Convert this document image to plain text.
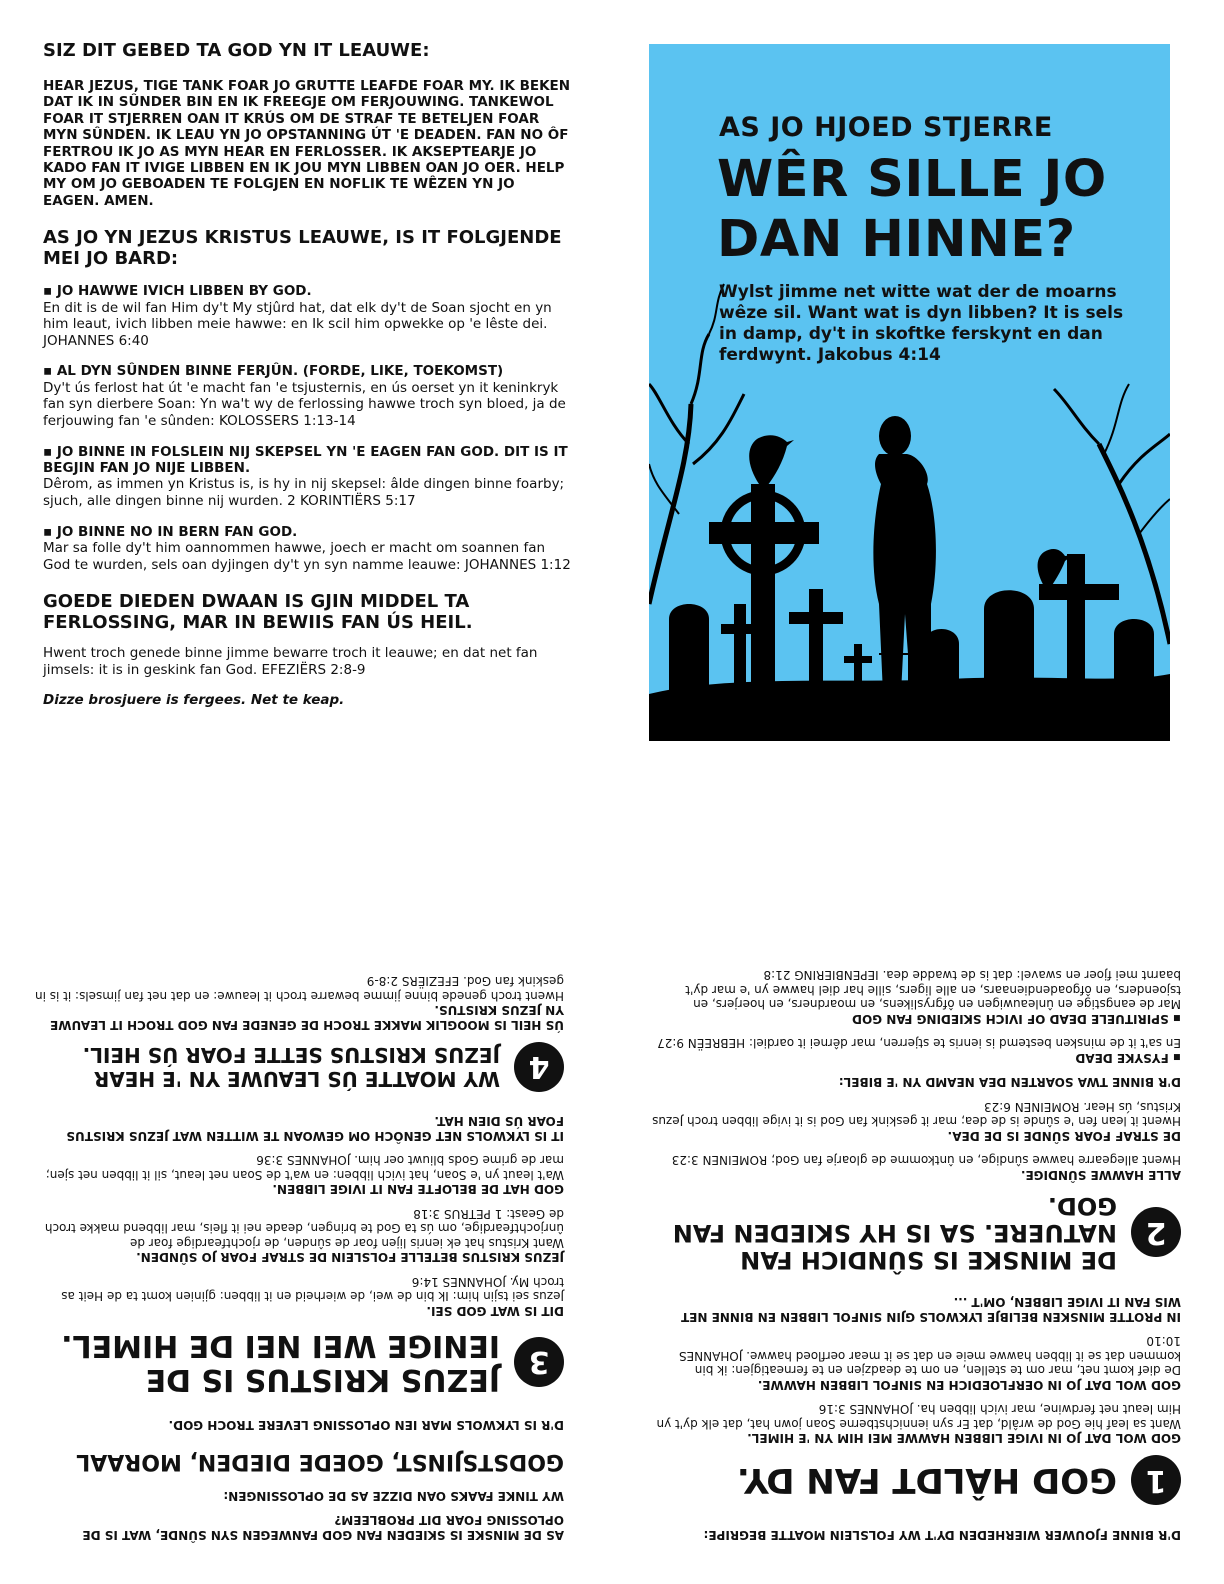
SIZ DIT GEBED TA GOD YN IT LEAUWE:

HEAR JEZUS, TIGE TANK FOAR JO GRUTTE LEAFDE FOAR MY. IK BEKEN DAT IK IN SÛNDER BIN EN IK FREEGJE OM FERJOUWING. TANKEWOL FOAR IT STJERREN OAN IT KRÚS OM DE STRAF TE BETELJEN FOAR MYN SÛNDEN. IK LEAU YN JO OPSTANNING ÚT 'E DEADEN. FAN NO ÔF FERTROU IK JO AS MYN HEAR EN FERLOSSER. IK AKSEPTEARJE JO KADO FAN IT IVIGE LIBBEN EN IK JOU MYN LIBBEN OAN JO OER. HELP MY OM JO GEBOADEN TE FOLGJEN EN NOFLIK TE WÊZEN YN JO EAGEN. AMEN.

AS JO YN JEZUS KRISTUS LEAUWE, IS IT FOLGJENDE MEI JO BARD:

▪ JO HAWWE IVICH LIBBEN BY GOD.

En dit is de wil fan Him dy't My stjûrd hat, dat elk dy't de Soan sjocht en yn him leaut, ivich libben meie hawwe: en Ik scil him opwekke op 'e lêste dei. JOHANNES 6:40

▪ AL DYN SÛNDEN BINNE FERJÛN. (FORDE, LIKE, TOEKOMST)

Dy't ús ferlost hat út 'e macht fan 'e tsjusternis, en ús oerset yn it keninkryk fan syn dierbere Soan: Yn wa't wy de ferlossing hawwe troch syn bloed, ja de ferjouwing fan 'e sûnden: KOLOSSERS 1:13-14

▪ JO BINNE IN FOLSLEIN NIJ SKEPSEL YN 'E EAGEN FAN GOD. DIT IS IT BEGJIN FAN JO NIJE LIBBEN.

Dêrom, as immen yn Kristus is, is hy in nij skepsel: âlde dingen binne foarby; sjuch, alle dingen binne nij wurden. 2 KORINTIËRS 5:17

▪ JO BINNE NO IN BERN FAN GOD.

Mar sa folle dy't him oannommen hawwe, joech er macht om soannen fan God te wurden, sels oan dyjingen dy't yn syn namme leauwe: JOHANNES 1:12

GOEDE DIEDEN DWAAN IS GJIN MIDDEL TA FERLOSSING, MAR IN BEWIIS FAN ÚS HEIL.

Hwent troch genede binne jimme bewarre troch it leauwe; en dat net fan jimsels: it is in geskink fan God. EFEZIËRS 2:8-9

Dizze brosjuere is fergees. Net te keap.

AS JO HJOED STJERRE
WÊR SILLE JO
DAN HINNE?
Wylst jimme net witte wat der de moarns wêze sil. Want wat is dyn libben? It is sels in damp, dy't in skoftke ferskynt en dan ferdwynt. Jakobus 4:14

D'R BINNE FJOUWER WIERHEDEN DY'T WY FOLSLEIN MOATTE BEGRIPE:

1
GOD HÂLDT FAN DY.

GOD WOL DAT JO IN IVIGE LIBBEN HAWWE MEI HIM YN 'E HIMEL.

Want sa leaf hie God de wrâld, dat Er syn iennichstberne Soan jown hat, dat elk dy't yn Him leaut net ferdwine, mar ivich libben ha. JOHANNES 3:16

GOD WOL DAT JO IN OERFLOEDICH EN SINFOL LIBBEN HAWWE.

De dief komt net, mar om te stellen, en om te deadzjen en te ferneatigjen: ik bin kommen dat se it libben hawwe meie en dat se it mear oerfloed hawwe. JOHANNES 10:10

IN PROTTE MINSKEN BELIBJE LYKWOLS GJIN SINFOL LIBBEN EN BINNE NET WIS FAN IT IVIGE LIBBEN, OM'T ...

2
DE MINSKE IS SÛNDICH FAN NATUERE. SA IS HY SKIEDEN FAN GOD.

ALLE HAWWE SÛNDIGE.

Hwent allegearre hawwe sûndige, en ûntkomme de gloarje fan God; ROMEINEN 3:23

DE STRAF FOAR SÛNDE IS DE DEA.

Hwent it lean fen 'e sûnde is de dea; mar it geskink fan God is it ivige libben troch Jezus Kristus, ús Hear. ROMEINEN 6:23

D'R BINNE TWA SOARTEN DEA NEAMD YN 'E BIBEL:

▪ FYSYKE DEAD

En sa't it de minsken bestemd is ienris te stjerren, mar dêrnei it oardiel: HEBREËN 9:27

▪ SPIRITUELE DEAD OF IVICH SKIEDING FAN GOD

Mar de eangstige en ûnleauwigen en ôfgryslikens, en moardners, en hoerjers, en tsjoenders, en ôfgoadendienaars, en alle ligers, sille har diel hawwe yn 'e mar dy't baarnt mei fjoer en swavel: dat is de twadde dea. IEPENBIERING 21:8

AS DE MINSKE IS SKIEDEN FAN GOD FANWEGEN SYN SÛNDE, WAT IS DE OPLOSSING FOAR DIT PROBLEEM?

WY TINKE FAAKS OAN DIZZE AS DE OPLOSSINGEN:

GODSTSJINST, GOEDE DIEDEN, MORAAL

D'R IS LYKWOLS MAR IEN OPLOSSING LEVERE TROCH GOD.

3
JEZUS KRISTUS IS DE IENIGE WEI NEI DE HIMEL.

DIT IS WAT GOD SEI.

Jezus sei tsjin him: Ik bin de wei, de wierheid en it libben: gjinien komt ta de Heit as troch My. JOHANNES 14:6

JEZUS KRISTUS BETELLE FOLSLEIN DE STRAF FOAR JO SÛNDEN.

Want Kristus hat ek ienris lijen foar de sûnden, de rjochtfeardige foar de ûnrjochtfeardige, om ús ta God te bringen, deade nei it fleis, mar libbend makke troch de Geast: 1 PETRUS 3:18

GOD HAT DE BELOFTE FAN IT IVIGE LIBBEN.

Wa't leaut yn 'e Soan, hat ivich libben: en wa't de Soan net leaut, sil it libben net sjen; mar de grime Gods bliuwt oer him. JOHANNES 3:36

IT IS LYKWOLS NET GENÔCH OM GEWOAN TE WITTEN WAT JEZUS KRISTUS FOAR ÚS DIEN HAT.

4
WY MOATTE ÚS LEAUWE YN 'E HEAR JEZUS KRISTUS SETTE FOAR ÚS HEIL.

ÚS HEIL IS MOOGLIK MAKKE TROCH DE GENEDE FAN GOD TROCH IT LEAUWE YN JEZUS KRISTUS.

Hwent troch genede binne jimme bewarre troch it leauwe: en dat net fan jimsels: it is in geskink fan God. EFEZIËRS 2:8-9
